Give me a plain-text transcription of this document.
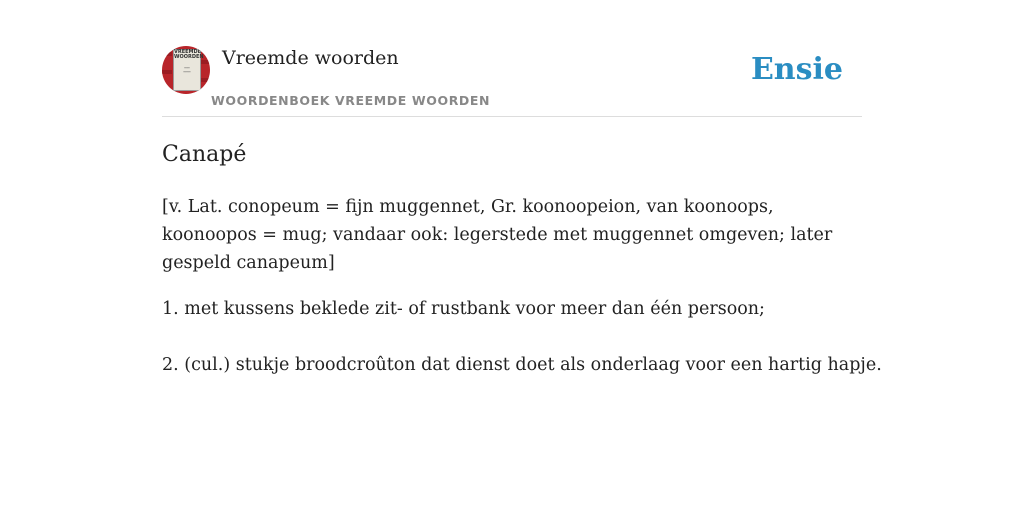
VREEMDE WOORDEN
━━━
━━━━
Vreemde woorden
WOORDENBOEK VREEMDE WOORDEN
Ensie
Canapé
[v. Lat. conopeum = fijn muggennet, Gr. koonoopeion, van koonoops, koonoopos = mug; vandaar ook: legerstede met muggennet omgeven; later gespeld canapeum]
1. met kussens beklede zit- of rustbank voor meer dan één persoon;
2. (cul.) stukje broodcroûton dat dienst doet als onderlaag voor een hartig hapje.
